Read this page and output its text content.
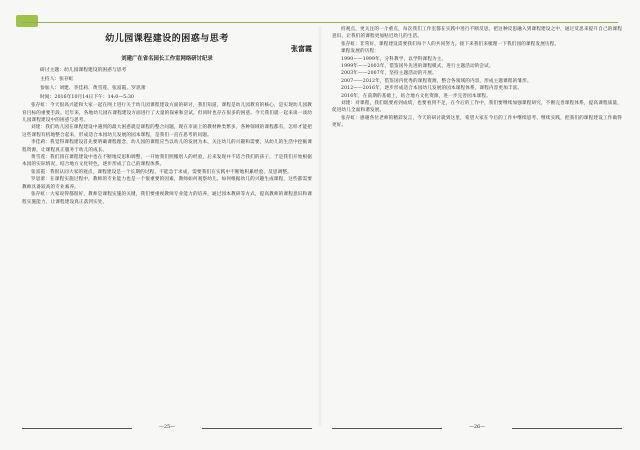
幼儿园课程建设的困惑与思考
张富霞
刘建广在省名园长工作室网络研讨纪录
研讨主题：幼儿园课程建设的困惑与思考
主持人：张存虹
参加人：刘建、李佳莉、黄雪莲、张富霞、罗思蕾
时间：2016年10月14日下午：14:0—5:30

张存虹：今天很高兴能和大家一起在网上进行关于幼儿园课程建设方面的研讨，我们知道，课程是幼儿园教育的核心，是实现幼儿园教育目标的重要手段。近年来，各地幼儿园在课程建设方面进行了大量的探索和尝试，但同时也存在很多的困惑。今天我们就一起来谈一谈幼儿园课程建设中的困惑与思考。

刘建：我们幼儿园在课程建设中遇到的最大困惑就是课程的整合问题，现在市面上的教材种类繁多，各种领域的课程都有，怎样才能把这些课程有机地整合起来，形成适合本园幼儿发展的园本课程，是我们一直在思考的问题。

李佳莉：我觉得课程建设首先要明确课程理念，幼儿园的课程应当以幼儿的发展为本，关注幼儿的兴趣和需要，从幼儿的生活中挖掘课程资源，让课程真正服务于幼儿的成长。

黄雪莲：我们园在课程建设中也在不断地反思和调整，一开始我们照搬别人的经验，后来发现并不适合我们的孩子，于是我们开始根据本园的实际情况，结合地方文化特色，逐步形成了自己的课程体系。

张富霞：我很认同大家的观点，课程建设是一个长期的过程，不能急于求成，需要我们在实践中不断地积累经验、反思调整。

罗思蕾：在课程实施过程中，教师的专业能力也是一个很重要的因素，教师如何观察幼儿、如何根据幼儿的兴趣生成课程，这些都需要教师具备较高的专业素养。

张存虹：大家说得都很好，教师是课程实施的关键，我们要重视教师专业能力的培养，通过园本教研等方式，提高教师的课程意识和课程实施能力，让课程建设真正落到实处。

持观点，更关注的一个重点，每次我们工作室都在实践中进行不断反思，把这种反思融入到课程建设之中，通过反思来提升自己的课程意识，让我们的课程更加贴近幼儿的生活。

张存虹：非常好，课程建设需要我们每个人的共同努力。接下来我们来梳理一下我们园的课程发展历程。

课程发展的历程：

1990——1999年，分科教学，以学科课程为主。

1999年——2003年，借鉴国外先进的课程模式，进行主题活动的尝试。

2003年——2007年，坚持主题活动的开展。

2007——2012年，借鉴国内优秀的课程资源，整合各领域的内容，形成主题课程的雏形。

2012——2016年，逐步形成适合本园幼儿发展的园本课程体系，课程内容更加丰富。

2016年，在前期的基础上，结合地方文化资源，进一步完善园本课程。

刘建：对课程，我们既要看到成绩，也要看到不足，在今后的工作中，我们要继续加强课程研究，不断完善课程体系，提高课程质量，促进幼儿全面和谐发展。

张存虹：感谢各位老师的精彩发言，今天的研讨就到这里，希望大家在今后的工作中继续思考、继续实践，把我们的课程建设工作做得更好。

—25—	—26—
